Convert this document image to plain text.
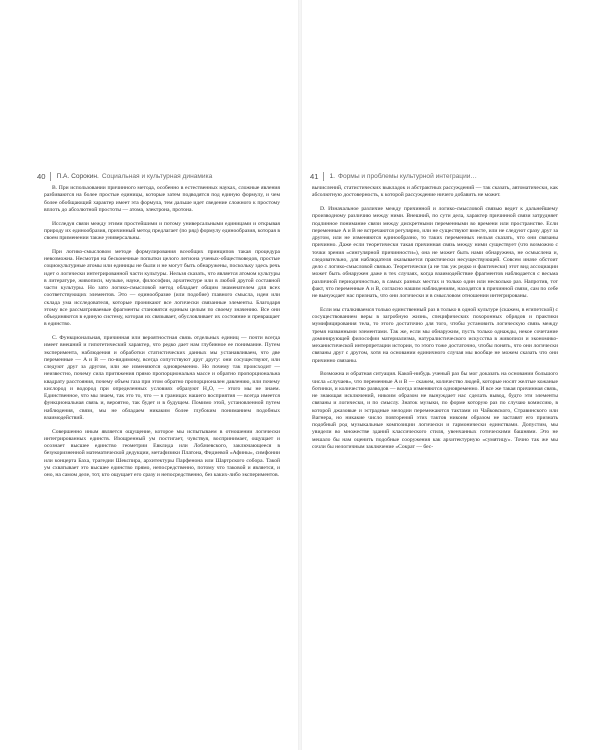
40 П.А. Сорокин. Социальная и культурная динамика

B. При использовании причинного метода, особенно в естественных науках, сложные явления разбиваются на более простые единицы, которые затем подводятся под единую формулу, и чем более обобщающий характер имеет эта формула, тем дальше идет сведение сложного к простому вплоть до абсолютной простоты — атома, электрона, протона.

Исследуя связи между этими простейшими и потому универсальными единицами и открывая природу их единообразия, причинный метод предлагает (по ряд) формулу единообразия, которая в своем применении также универсальны.

При логико-смысловом методе формулирования всеобщих принципов такая процедура невозможна. Несмотря на бесконечные попытки целого легиона ученых-обществоведов, простые социокультурные атомы или единицы не были и не могут быть обнаружены, поскольку здесь речь идет о логически интегрированной части культуры. Нельзя сказать, что является атомом культуры в литературе, живописи, музыке, науке, философии, архитектуре или в любой другой составной части культуры. Но зато логико-смысловой метод обладает общим знаменателем для всех соответствующих элементов. Это — единообразие (или подобие) главного смысла, идеи или склада ума исследователя, которые проникают все логически связанные элементы. Благодаря этому все рассматриваемые фрагменты становятся единым целым по своему значению. Все они объединяются в единую систему, которая их связывает, обусловливает их состояние и превращает в единство.

C. Функциональная, причинная или вероятностная связь отдельных единиц — почти всегда имеет внешний и гипотетический характер, что редко дает нам глубинное ее понимание. Путем эксперимента, наблюдения и обработки статистических данных мы устанавливаем, что две переменные — A и B — по-видимому, всегда сопутствуют друг другу: они сосуществуют, или следуют друг за другом, или же изменяются одновременно. Но почему так происходит — неизвестно, почему сила притяжения прямо пропорциональна массе и обратно пропорциональна квадрату расстояния, почему объем газа при этом обратно пропорционален давлению, или почему кислород и водород при определенных условиях образуют H₂O, — этого мы не знаем. Единственное, что мы знаем, так это то, что — в границах нашего восприятия — всегда имеется функциональная связь и, вероятно, так будет и в будущем. Помимо этой, установленной путем наблюдения, связи, мы не обладаем никаким более глубоким пониманием подобных взаимодействий.

Совершенно иным является ощущение, которое мы испытываем в отношении логически интегрированных единств. Изощренный ум постигает, чувствуя, воспринимает, ощущает и осознает высшее единство геометрии Евклида или Лобачевского, заключающееся в безукоризненной математической дедукции, метафизики Платона, Фидиевой «Афины», симфонии или концерта Баха, трагедии Шекспира, архитектуры Парфенона или Шартрского собора. Такой ум схватывает это высшее единство прямо, непосредственно, потому что таковой и является, и оно, на самом деле, тот, кто ощущает его сразу и непосредственно, без каких-либо экспериментов.

41 1. Формы и проблемы культурной интеграции…

вычислений, статистических выкладок и абстрактных рассуждений — так сказать, автоматически, как абсолютную достоверность, к которой рассуждение ничего добавить не может.

D. Изначальное различие между причинной и логико-смысловой связью ведет к дальнейшему производному различию между ними. Внешний, по сути дела, характер причинной связи затрудняет подлинное понимание связи между дискретными переменными во времени или пространстве. Если переменные A и B не встречаются регулярно, или не существуют вместе, или не следуют сразу друг за другом, или не изменяются единообразно, то таких переменных нельзя сказать, что они связаны причинно. Даже если теоретически такая причинная связь между ними существует (что возможно с точки зрения «сингулярной причинности»), она не может быть нами обнаружена, не осмыслена и, следовательно, для наблюдателя оказывается практически несуществующей. Совсем иначе обстоит дело с логико-смысловой связью. Теоретически (а не так уж редко и фактически) этот вид ассоциации может быть обнаружен даже в тех случаях, когда взаимодействие фрагментов наблюдается с весьма различной периодичностью, в самых разных местах и только один или несколько раз. Напротив, тот факт, что переменные A и B, согласно нашим наблюдениям, находятся в причинной связи, сам по себе не вынуждает нас признать, что они логически и в смысловом отношении интегрированы.

Если мы сталкиваемся только единственный раз в только в одной культуре (скажем, в египетской) с сосуществованием веры в загробную жизнь, специфических похоронных обрядов и практики мумифицирования тела, то этого достаточно для того, чтобы установить логическую связь между тремя названными элементами. Так же, если мы обнаружим, пусть только однажды, некое сочетание доминирующей философии материализма, натуралистического искусства в живописи и экономико-механистической интерпретации истории, то этого тоже достаточно, чтобы понять, что они логически связаны друг с другом, хотя на основании единичного случая мы вообще не можем сказать что они причинно связаны.

Возможна и обратная ситуация. Какой-нибудь ученый раз бы мог доказать на основании большого числа «случаев», что переменные A и B — скажем, количество людей, которые носят желтые кожаные ботинки, и количество разводов — всегда изменяются одновременно. И все же такая причинная связь, не знающая исключений, никоим образом не вынуждает нас сделать вывод, будто эти элементы связаны и логически, и по смыслу. Знаток музыки, по форме которую раз по случаю комиссию, в которой джазовые и эстрадные мелодии перемежаются тактами из Чайковского, Стравинского или Вагнера, но никакие число повторений этих тактов никоим образом не заставят его признать подобный род музыкальные композиции логически и гармонически единствами. Допустим, мы увидели во множестве зданий классического стиля, увенчанных готическими башнями. Это не мешало бы нам оценить подобные сооружения как архитектурную «сумятицу». Точно так же мы сочли бы нелогичным заключение «Сократ — бес-
